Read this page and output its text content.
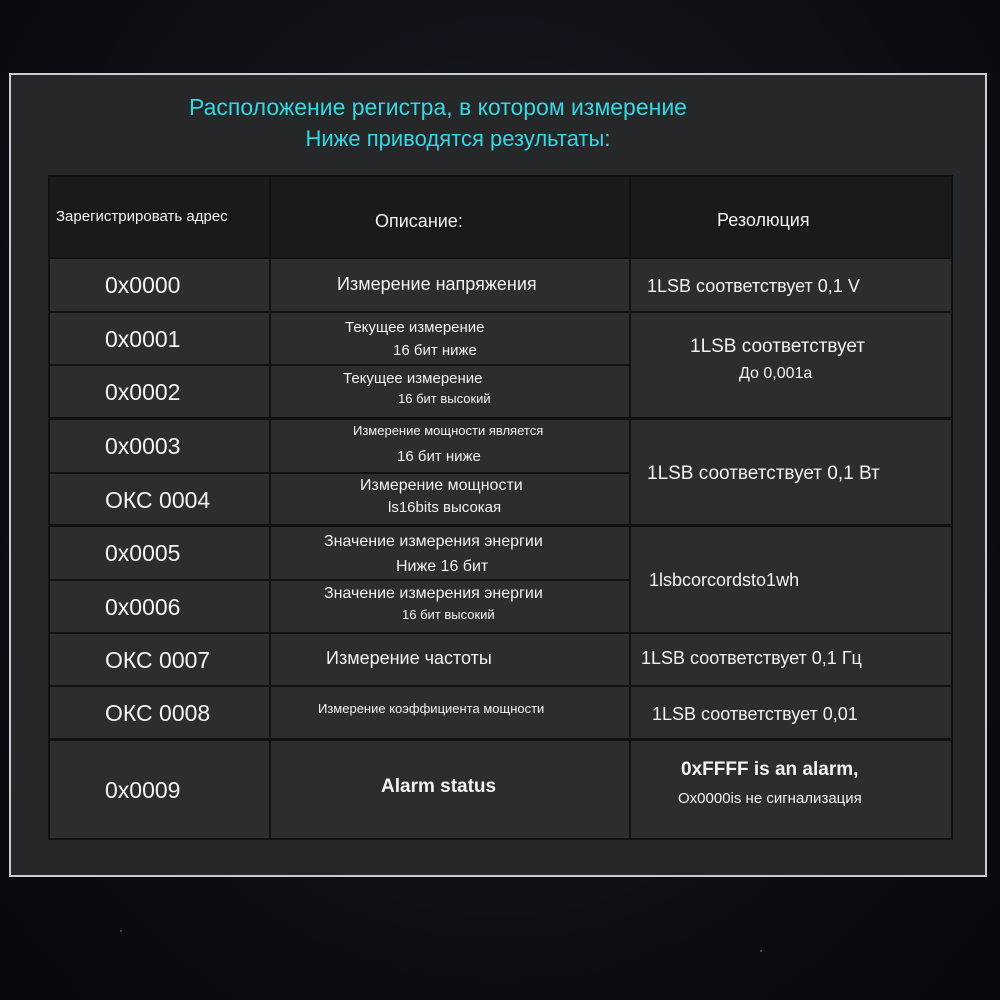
Расположение регистра, в котором измерение
Ниже приводятся результаты:
Зарегистрировать адрес	Описание:	Резолюция
0x0000
0x0001
0x0002
0x0003
ОКС 0004
0x0005
0x0006
ОКС 0007
ОКС 0008
0x0009
Измерение напряжения
Текущее измерение
16 бит ниже
Текущее измерение
16 бит высокий
Измерение мощности является
16 бит ниже
Измерение мощности
ls16bits высокая
Значение измерения энергии
Ниже 16 бит
Значение измерения энергии
16 бит высокий
Измерение частоты
Измерение коэффициента мощности
Alarm status
1LSB соответствует 0,1 V
1LSB соответствует
До 0,001a
1LSB соответствует 0,1 Вт
1lsbcorcordsto1wh
1LSB соответствует 0,1 Гц
1LSB соответствует 0,01
0xFFFF is an alarm,
Ox0000is не сигнализация
